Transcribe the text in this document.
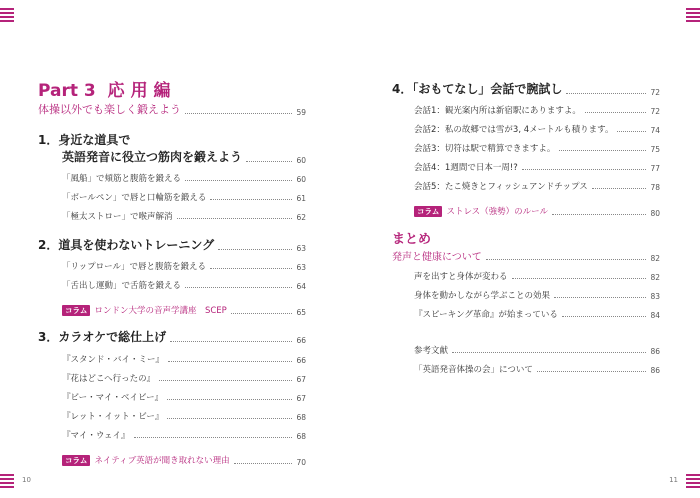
Part 3 応 用 編
体操以外でも楽しく鍛えよう	59
1．身近な道具で
英語発音に役立つ筋肉を鍛えよう	60
「風船」で頬筋と腹筋を鍛える	60
「ボールペン」で唇と口輪筋を鍛える	61
「極太ストロー」で喉声解消	62
2．道具を使わないトレーニング	63
「リップロール」で唇と腹筋を鍛える	63
「舌出し運動」で舌筋を鍛える	64
コラム ロンドン大学の音声学講座　SCEP	65
3．カラオケで総仕上げ	66
『スタンド・バイ・ミー』	66
『花はどこへ行ったの』	67
『ビー・マイ・ベイビー』	67
『レット・イット・ビー』	68
『マイ・ウェイ』	68
コラム ネイティブ英語が聞き取れない理由	70
4．「おもてなし」会話で腕試し	72
会話1：観光案内所は新宿駅にありますよ。	72
会話2：私の故郷では雪が3, 4メートルも積ります。	74
会話3：切符は駅で精算できますよ。	75
会話4：1週間で日本一周!?	77
会話5：たこ焼きとフィッシュアンドチップス	78
コラム ストレス（強勢）のルール	80
まとめ
発声と健康について	82
声を出すと身体が変わる	82
身体を動かしながら学ぶことの効果	83
『スピーキング革命』が始まっている	84
参考文献	86
「英語発音体操の会」について	86
10	11
